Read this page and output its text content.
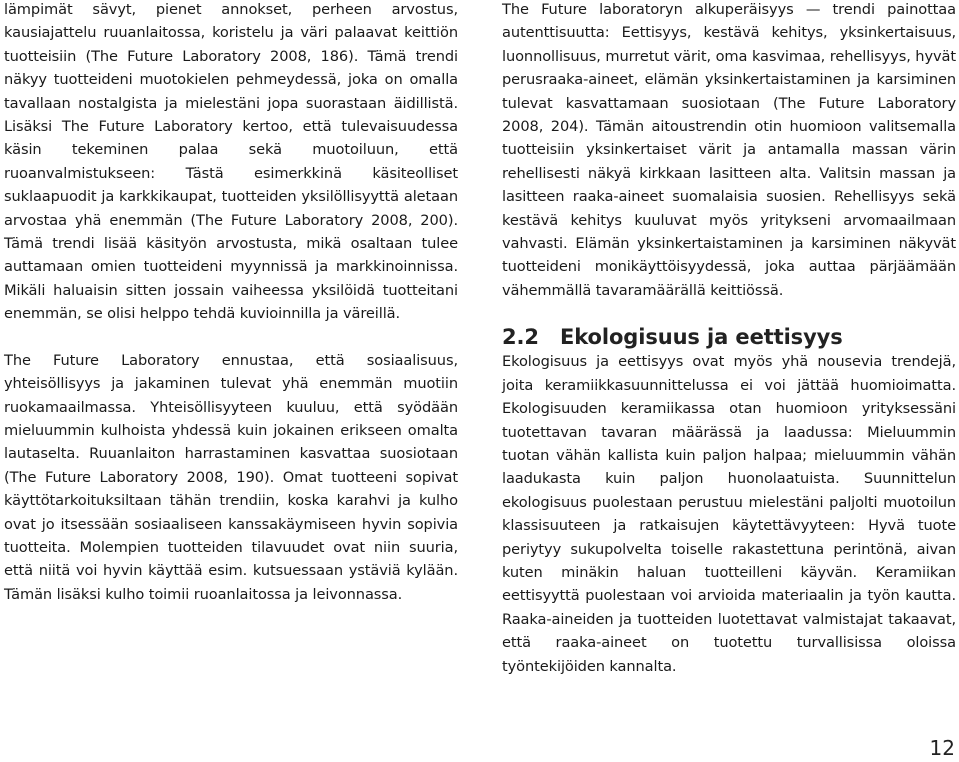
lämpimät sävyt, pienet annokset, perheen arvostus, kausiajattelu ruuanlaitossa, koristelu ja väri palaavat keittiön tuotteisiin (The Future Laboratory 2008, 186). Tämä trendi näkyy tuotteideni muotokielen pehmeydessä, joka on omalla tavallaan nostalgista ja mielestäni jopa suorastaan äidillistä. Lisäksi The Future Laboratory kertoo, että tulevaisuudessa käsin tekeminen palaa sekä muotoiluun, että ruoanvalmistukseen: Tästä esimerkkinä käsiteolliset suklaapuodit ja karkkikaupat, tuotteiden yksilöllisyyttä aletaan arvostaa yhä enemmän (The Future Laboratory 2008, 200). Tämä trendi lisää käsityön arvostusta, mikä osaltaan tulee auttamaan omien tuotteideni myynnissä ja markkinoinnissa. Mikäli haluaisin sitten jossain vaiheessa yksilöidä tuotteitani enemmän, se olisi helppo tehdä kuvioinnilla ja väreillä.

The Future Laboratory ennustaa, että sosiaalisuus, yhteisöllisyys ja jakaminen tulevat yhä enemmän muotiin ruokamaailmassa. Yhteisöllisyyteen kuuluu, että syödään mieluummin kulhoista yhdessä kuin jokainen erikseen omalta lautaselta. Ruuanlaiton harrastaminen kasvattaa suosiotaan (The Future Laboratory 2008, 190). Omat tuotteeni sopivat käyttötarkoituksiltaan tähän trendiin, koska karahvi ja kulho ovat jo itsessään sosiaaliseen kanssakäymiseen hyvin sopivia tuotteita. Molempien tuotteiden tilavuudet ovat niin suuria, että niitä voi hyvin käyttää esim. kutsuessaan ystäviä kylään. Tämän lisäksi kulho toimii ruoanlaitossa ja leivonnassa.

The Future laboratoryn alkuperäisyys — trendi painottaa autenttisuutta: Eettisyys, kestävä kehitys, yksinkertaisuus, luonnollisuus, murretut värit, oma kasvimaa, rehellisyys, hyvät perusraaka-aineet, elämän yksinkertaistaminen ja karsiminen tulevat kasvattamaan suosiotaan (The Future Laboratory 2008, 204). Tämän aitoustrendin otin huomioon valitsemalla tuotteisiin yksinkertaiset värit ja antamalla massan värin rehellisesti näkyä kirkkaan lasitteen alta. Valitsin massan ja lasitteen raaka-aineet suomalaisia suosien. Rehellisyys sekä kestävä kehitys kuuluvat myös yritykseni arvomaailmaan vahvasti. Elämän yksinkertaistaminen ja karsiminen näkyvät tuotteideni monikäyttöisyydessä, joka auttaa pärjäämään vähemmällä tavaramäärällä keittiössä.

2.2 Ekologisuus ja eettisyys

Ekologisuus ja eettisyys ovat myös yhä nousevia trendejä, joita keramiikkasuunnittelussa ei voi jättää huomioimatta. Ekologisuuden keramiikassa otan huomioon yrityksessäni tuotettavan tavaran määrässä ja laadussa: Mieluummin tuotan vähän kallista kuin paljon halpaa; mieluummin vähän laadukasta kuin paljon huonolaatuista. Suunnittelun ekologisuus puolestaan perustuu mielestäni paljolti muotoilun klassisuuteen ja ratkaisujen käytettävyyteen: Hyvä tuote periytyy sukupolvelta toiselle rakastettuna perintönä, aivan kuten minäkin haluan tuotteilleni käyvän. Keramiikan eettisyyttä puolestaan voi arvioida materiaalin ja työn kautta. Raaka-aineiden ja tuotteiden luotettavat valmistajat takaavat, että raaka-aineet on tuotettu turvallisissa oloissa työntekijöiden kannalta.

12
